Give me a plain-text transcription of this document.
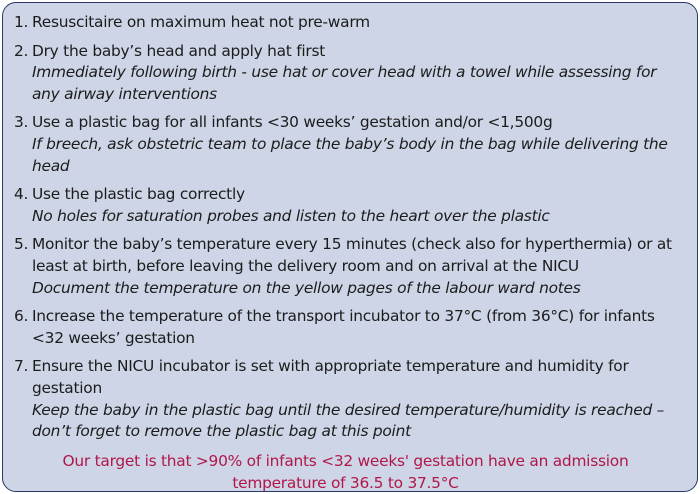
1. Resuscitaire on maximum heat not pre-warm
2. Dry the baby’s head and apply hat first
Immediately following birth - use hat or cover head with a towel while assessing for any airway interventions
3. Use a plastic bag for all infants <30 weeks’ gestation and/or <1,500g
If breech, ask obstetric team to place the baby’s body in the bag while delivering the head
4. Use the plastic bag correctly
No holes for saturation probes and listen to the heart over the plastic
5. Monitor the baby’s temperature every 15 minutes (check also for hyperthermia) or at least at birth, before leaving the delivery room and on arrival at the NICU
Document the temperature on the yellow pages of the labour ward notes
6. Increase the temperature of the transport incubator to 37°C (from 36°C) for infants <32 weeks’ gestation
7. Ensure the NICU incubator is set with appropriate temperature and humidity for gestation
Keep the baby in the plastic bag until the desired temperature/humidity is reached – don’t forget to remove the plastic bag at this point
Our target is that >90% of infants <32 weeks' gestation have an admission
temperature of 36.5 to 37.5°C
